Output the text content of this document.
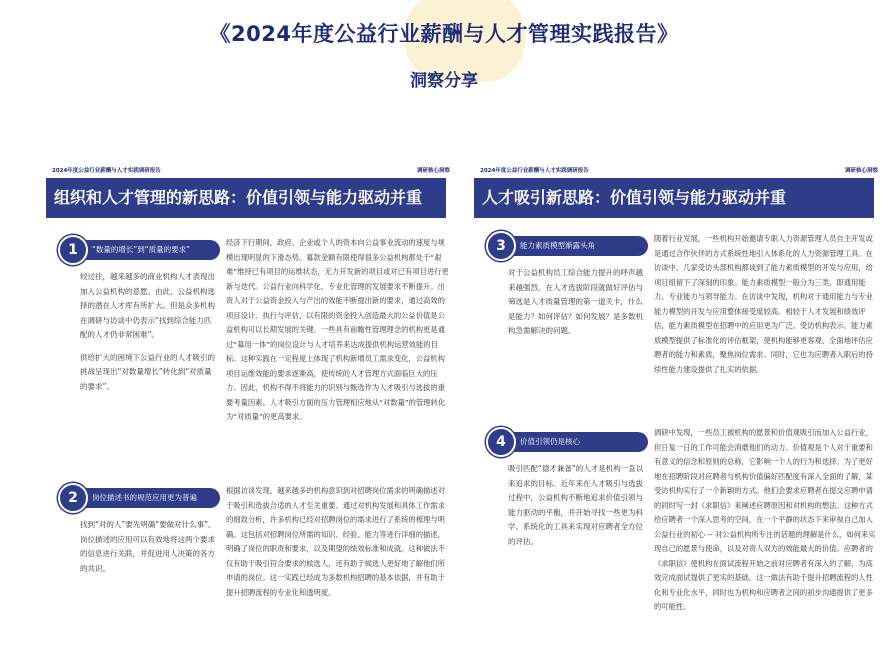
《2024年度公益行业薪酬与人才管理实践报告》
洞察分享
2024年度公益行业薪酬与人才实践调研报告	调研核心洞察
组织和人才管理的新思路：价值引领与能力驱动并重
1	“数量的增长”到“质量的要求”

较过往，越来越多的商业机构人才表现出加入公益机构的意愿。由此，公益机构选择的潜在人才库有所扩大。但是众多机构在调研与访谈中仍表示“找到综合能力匹配的人才仍非常困难”。

供给扩大的困境下公益行业的人才吸引的挑战呈现出“对数量增长”转化到“对质量的要求”。

经济下行期间，政府、企业或个人的资本向公益事业流动的速度与规模出现明显的下滑态势。募款金额有限使得很多公益机构都处于“艰难”维持已有项目的运维状态，无力开发新的项目或对已有项目进行更新与迭代。公益行业向科学化、专业化管理的发展要求不断提升。出资人对于公益资金投入与产出的效能不断提出新的要求，通过高效的项目设计、执行与评估，以有限的资金投入创造最大的公益价值是公益机构可以长期发展的关键。一些具有前瞻性管理理念的机构更是通过“募用一体”的岗位设计与人才培养来达成提供机构运营效能的目标。这种实践在一定程度上体现了机构新增员工需求变化，公益机构项目运维效能的要求逐渐高，使传统的人才管理方式面临巨大的压力。因此，机构不得不将能力的识别与甄选作为人才吸引与选拔的重要考量因素。人才吸引方面的压力管理相应地从“对数量”的管理转化为“对质量”的更高要求。

2	岗位描述书的规范应用更为普遍

找到“对的人”要先明确“要做对什么事”。岗位描述的应用可以有效地将这两个要求的信息进行关联，并促进用人决策的各方的共识。

根据访谈发现，越来越多的机构意识到对招聘岗位需求的明确描述对于吸引和选拔合适的人才至关重要。通过对机构发展和具体工作需求的细致分析，许多机构已经对招聘岗位的需求进行了系统的梳理与明确。这包括对招聘岗位所需的知识、经验、能力等进行详细的描述，明确了岗位的职责和要求，以及期望的绩效标准和成就。这种做法不仅有助于吸引符合要求的候选人，还有助于候选人更好地了解他们所申请的岗位。这一实践已经成为多数机构招聘的基本依据，并有助于提升招聘流程的专业化和透明度。

2024年度公益行业薪酬与人才实践调研报告	调研核心洞察
人才吸引新思路：价值引领与能力驱动并重
3	能力素质模型渐露头角

对于公益机构员工综合能力提升的呼声越来越强烈。在人才选拔阶段就做好评估与筛选是人才质量管理的第一道关卡，什么是能力？如何评估？如何发展？是多数机构急需解决的问题。

随着行业发展，一些机构开始邀请专职人力资源管理人员自主开发或是通过合作伙伴的方式系统性地引入体系化的人力资源管理工具。在访谈中，几家受访头部机构都谈到了能力素质模型的开发与应用，给项目组留下了深刻的印象。能力素质模型一般分为三类，即通用能力、专业能力与领导能力。在访谈中发现，机构对于通用能力与专业能力模型的开发与应用整体接受度较高。相较于人才发展和绩效评估，能力素质模型在招聘中的应用更为广泛。受访机构表示，能力素质模型提供了标准化的评估框架，使机构能够更客观、全面地评估应聘者的能力和素质，聚焦岗位需求。同时，它也为应聘者入职后的持续性能力建设提供了扎实的依据。

4	价值引领仍是核心

吸引匹配“德才兼备”的人才是机构一直以来追求的目标。近年来在人才吸引与选拔过程中，公益机构不断地追求价值引领与能力驱动的平衡，并开始寻找一些更为科学、系统化的工具来实现对应聘者全方位的评估。

调研中发现，一些员工被机构的愿景和价值观吸引而加入公益行业，但日复一日的工作可能会消磨他们的动力。价值观是个人对于重要和有意义的信念和原则的总称，它影响一个人的行为和选择。为了更好地在招聘阶段对应聘者与机构价值偏好匹配度有深入全面的了解，某受访机构实行了一个新颖的方式。他们会要求应聘者在提交应聘申请的同时写一封《求职信》来阐述应聘原因和对机构的想法。这种方式给应聘者一个深入思考的空间，在一个平静的状态下来审视自己加入公益行业的初心 -- 对公益机构所专注的话题的理解是什么，如何来实现自己的愿景与使命，以及对资人双方的效能最大的价值。应聘者的《求职信》使机构在面试流程开始之前对应聘者有深入的了解，为高效完成面试提供了更实的基础。这一做法有助于提升招聘流程的人性化和专业化水平，同时也为机构和应聘者之间的初步沟通提供了更多的可能性。
